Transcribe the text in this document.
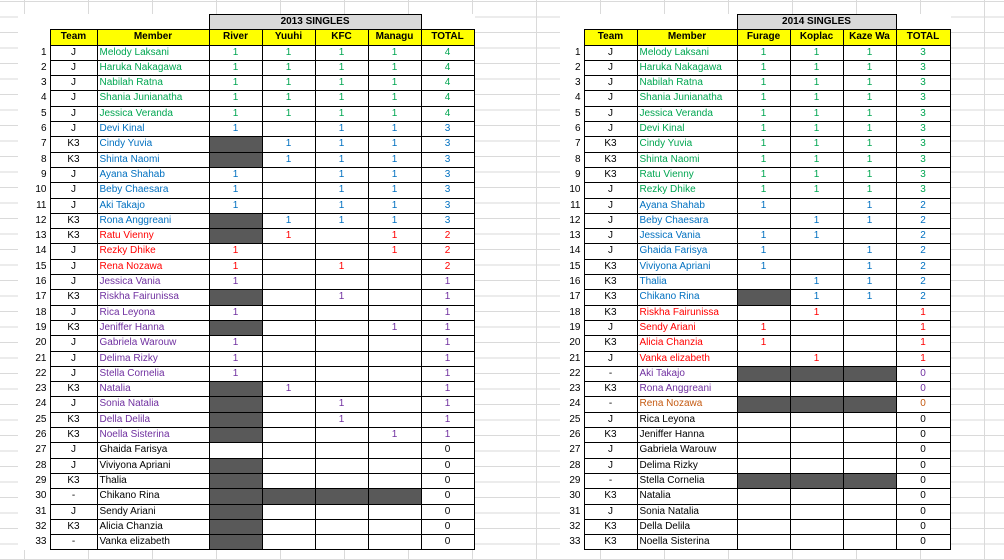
			2013 SINGLES				
	Team	Member	River	Yuuhi	KFC	Managu	TOTAL
1	J	Melody Laksani	1	1	1	1	4
2	J	Haruka Nakagawa	1	1	1	1	4
3	J	Nabilah Ratna	1	1	1	1	4
4	J	Shania Junianatha	1	1	1	1	4
5	J	Jessica Veranda	1	1	1	1	4
6	J	Devi Kinal	1		1	1	3
7	K3	Cindy Yuvia		1	1	1	3
8	K3	Shinta Naomi		1	1	1	3
9	J	Ayana Shahab	1		1	1	3
10	J	Beby Chaesara	1		1	1	3
11	J	Aki Takajo	1		1	1	3
12	K3	Rona Anggreani		1	1	1	3
13	K3	Ratu Vienny		1		1	2
14	J	Rezky Dhike	1			1	2
15	J	Rena Nozawa	1		1		2
16	J	Jessica Vania	1				1
17	K3	Riskha Fairunissa			1		1
18	J	Rica Leyona	1				1
19	K3	Jeniffer Hanna				1	1
20	J	Gabriela Warouw	1				1
21	J	Delima Rizky	1				1
22	J	Stella Cornelia	1				1
23	K3	Natalia		1			1
24	J	Sonia Natalia			1		1
25	K3	Della Delila			1		1
26	K3	Noella Sisterina				1	1
27	J	Ghaida Farisya					0
28	J	Viviyona Apriani					0
29	K3	Thalia					0
30	-	Chikano Rina					0
31	J	Sendy Ariani					0
32	K3	Alicia Chanzia					0
33	-	Vanka elizabeth					0
			2014 SINGLES			
	Team	Member	Furage	Koplac	Kaze Wa	TOTAL
1	J	Melody Laksani	1	1	1	3
2	J	Haruka Nakagawa	1	1	1	3
3	J	Nabilah Ratna	1	1	1	3
4	J	Shania Junianatha	1	1	1	3
5	J	Jessica Veranda	1	1	1	3
6	J	Devi Kinal	1	1	1	3
7	K3	Cindy Yuvia	1	1	1	3
8	K3	Shinta Naomi	1	1	1	3
9	K3	Ratu Vienny	1	1	1	3
10	J	Rezky Dhike	1	1	1	3
11	J	Ayana Shahab	1		1	2
12	J	Beby Chaesara		1	1	2
13	J	Jessica Vania	1	1		2
14	J	Ghaida Farisya	1		1	2
15	K3	Viviyona Apriani	1		1	2
16	K3	Thalia		1	1	2
17	K3	Chikano Rina		1	1	2
18	K3	Riskha Fairunissa		1		1
19	J	Sendy Ariani	1			1
20	K3	Alicia Chanzia	1			1
21	J	Vanka elizabeth		1		1
22	-	Aki Takajo				0
23	K3	Rona Anggreani				0
24	-	Rena Nozawa				0
25	J	Rica Leyona				0
26	K3	Jeniffer Hanna				0
27	J	Gabriela Warouw				0
28	J	Delima Rizky				0
29	-	Stella Cornelia				0
30	K3	Natalia				0
31	J	Sonia Natalia				0
32	K3	Della Delila				0
33	K3	Noella Sisterina				0
